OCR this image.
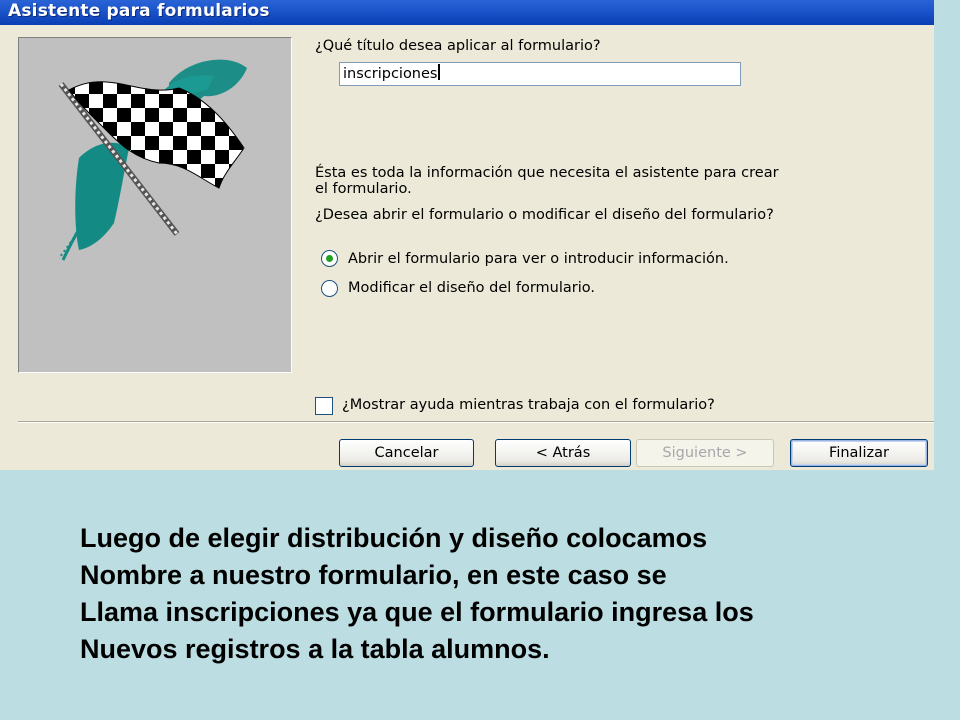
Asistente para formularios
¿Qué título desea aplicar al formulario?
inscripciones
Ésta es toda la información que necesita el asistente para crear
el formulario.
¿Desea abrir el formulario o modificar el diseño del formulario?
Abrir el formulario para ver o introducir información.
Modificar el diseño del formulario.
¿Mostrar ayuda mientras trabaja con el formulario?
Cancelar	< Atrás	Siguiente >	Finalizar
Luego de elegir distribución y diseño colocamos
Nombre a nuestro formulario, en este caso se
Llama inscripciones ya que el formulario ingresa los
Nuevos registros a la tabla alumnos.
